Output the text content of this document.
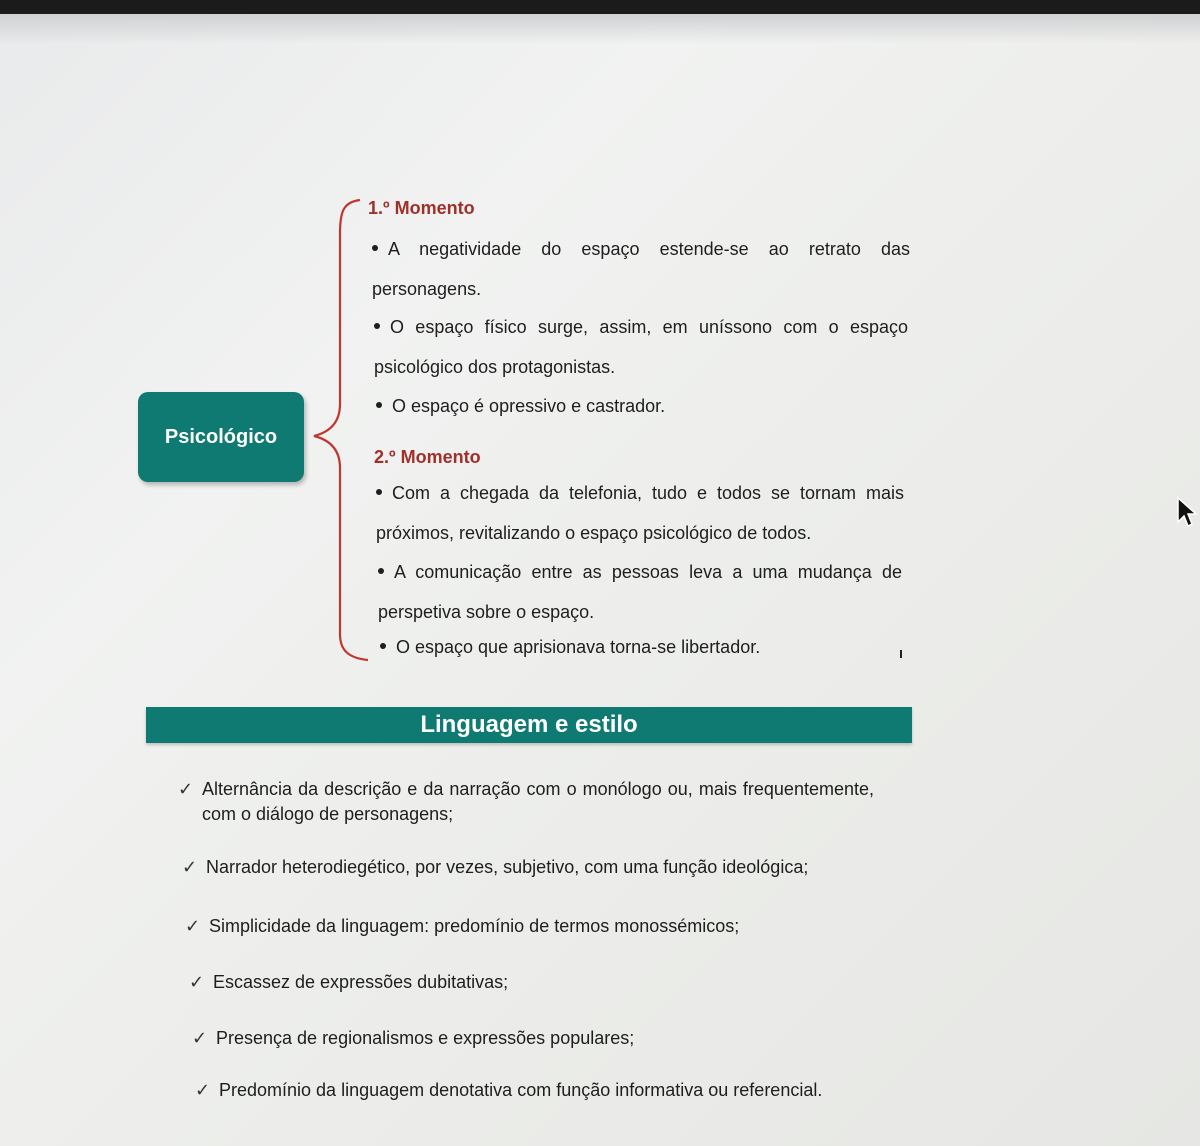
Psicológico
1.º Momento
A negatividade do espaço estende-se ao retrato das personagens.
O espaço físico surge, assim, em uníssono com o espaço psicológico dos protagonistas.
O espaço é opressivo e castrador.
2.º Momento
Com a chegada da telefonia, tudo e todos se tornam mais próximos, revitalizando o espaço psicológico de todos.
A comunicação entre as pessoas leva a uma mudança de perspetiva sobre o espaço.
O espaço que aprisionava torna-se libertador.
Linguagem e estilo
✓ Alternância da descrição e da narração com o monólogo ou, mais frequentemente, com o diálogo de personagens;
✓ Narrador heterodiegético, por vezes, subjetivo, com uma função ideológica;
✓ Simplicidade da linguagem: predomínio de termos monossémicos;
✓ Escassez de expressões dubitativas;
✓ Presença de regionalismos e expressões populares;
✓ Predomínio da linguagem denotativa com função informativa ou referencial.
